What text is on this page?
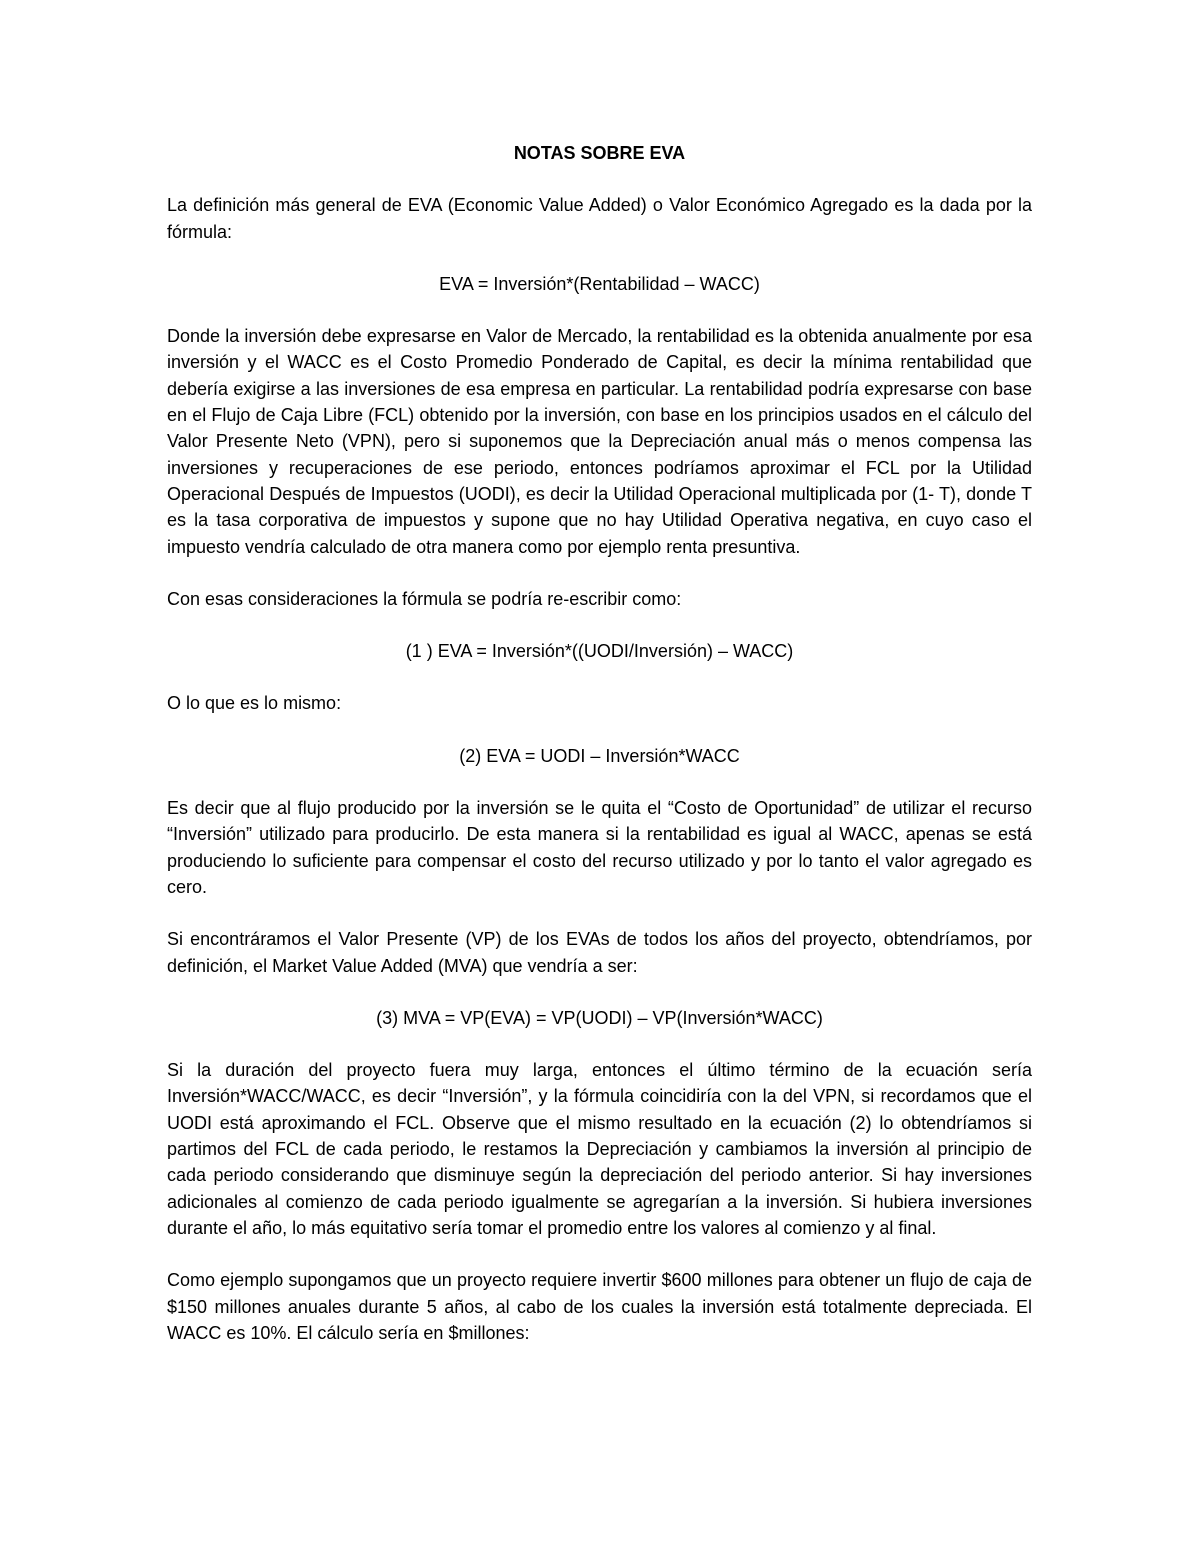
NOTAS SOBRE EVA
La definición más general de EVA (Economic Value Added) o Valor Económico Agregado es la dada por la fórmula:
EVA = Inversión*(Rentabilidad – WACC)
Donde la inversión debe expresarse en Valor de Mercado, la rentabilidad es la obtenida anualmente por esa inversión y el WACC es el Costo Promedio Ponderado de Capital, es decir la mínima rentabilidad que debería exigirse a las inversiones de esa empresa en particular. La rentabilidad podría expresarse con base en el Flujo de Caja Libre (FCL) obtenido por la inversión, con base en los principios usados en el cálculo del Valor Presente Neto (VPN), pero si suponemos que la Depreciación anual más o menos compensa las inversiones y recuperaciones de ese periodo, entonces podríamos aproximar el FCL por la Utilidad Operacional Después de Impuestos (UODI), es decir la Utilidad Operacional multiplicada por (1- T), donde T es la tasa corporativa de impuestos y supone que no hay Utilidad Operativa negativa, en cuyo caso el impuesto vendría calculado de otra manera como por ejemplo renta presuntiva.
Con esas consideraciones la fórmula se podría re-escribir como:
(1 ) EVA = Inversión*((UODI/Inversión) – WACC)
O lo que es lo mismo:
(2) EVA = UODI – Inversión*WACC
Es decir que al flujo producido por la inversión se le quita el “Costo de Oportunidad” de utilizar el recurso “Inversión” utilizado para producirlo. De esta manera si la rentabilidad es igual al WACC, apenas se está produciendo lo suficiente para compensar el costo del recurso utilizado y por lo tanto el valor agregado es cero.
Si encontráramos el Valor Presente (VP) de los EVAs de todos los años del proyecto, obtendríamos, por definición, el Market Value Added (MVA) que vendría a ser:
(3) MVA = VP(EVA) = VP(UODI) – VP(Inversión*WACC)
Si la duración del proyecto fuera muy larga, entonces el último término de la ecuación sería Inversión*WACC/WACC, es decir “Inversión”, y la fórmula coincidiría con la del VPN, si recordamos que el UODI está aproximando el FCL. Observe que el mismo resultado en la ecuación (2) lo obtendríamos si partimos del FCL de cada periodo, le restamos la Depreciación y cambiamos la inversión al principio de cada periodo considerando que disminuye según la depreciación del periodo anterior. Si hay inversiones adicionales al comienzo de cada periodo igualmente se agregarían a la inversión. Si hubiera inversiones durante el año, lo más equitativo sería tomar el promedio entre los valores al comienzo y al final.
Como ejemplo supongamos que un proyecto requiere invertir $600 millones para obtener un flujo de caja de $150 millones anuales durante 5 años, al cabo de los cuales la inversión está totalmente depreciada. El WACC es 10%. El cálculo sería en $millones:
